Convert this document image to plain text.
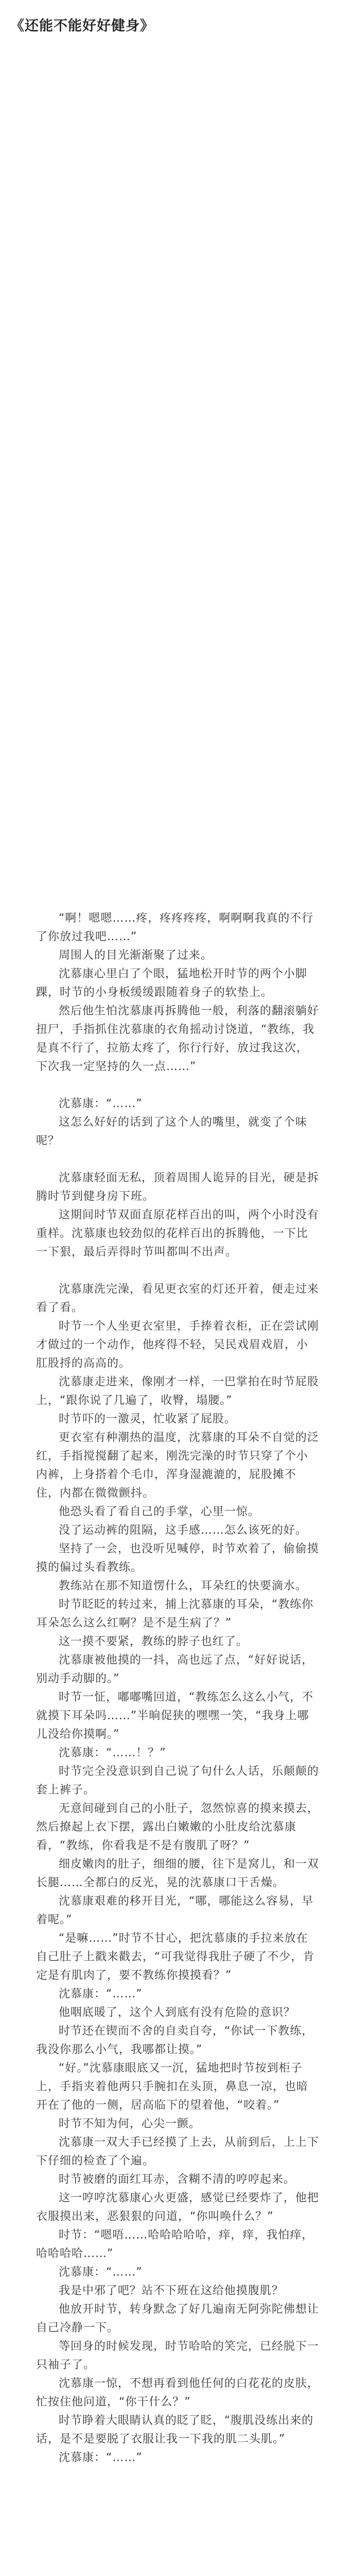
《还能不能好好健身》

“啊！嗯嗯……疼，疼疼疼疼，啊啊啊我真的不行了你放过我吧……”

周围人的目光渐渐聚了过来。

沈慕康心里白了个眼，猛地松开时节的两个小脚踝，时节的小身板缓缓跟随着身子的软垫上。

然后他生怕沈慕康再拆腾他一般，利落的翻滚躺好扭尸，手指抓住沈慕康的衣角摇动讨饶道，“教练，我是真不行了，拉筋太疼了，你行行好，放过我这次，下次我一定坚持的久一点……”

沈慕康：“……”

这怎么好好的话到了这个人的嘴里，就变了个味呢？

沈慕康轻面无私，顶着周围人诡异的目光，硬是拆腾时节到健身房下班。

这期间时节双面直原花样百出的叫，两个小时没有重样。沈慕康也较劲似的花样百出的拆腾他，一下比一下狠，最后弄得时节叫都叫不出声。

沈慕康洗完澡，看见更衣室的灯还开着，便走过来看了看。

时节一个人坐更衣室里，手捧着衣柜，正在尝试刚才做过的一个动作，他疼得不轻，吴民戏眉戏眉，小肛股捋的高高的。

沈慕康走进来，像刚才一样，一巴掌拍在时节屁股上，“跟你说了几遍了，收臀，塌腰。”

时节吓的一激灵，忙收紧了屁股。

更衣室有种潮热的温度，沈慕康的耳朵不自觉的泛红，手指搅搅翻了起来，刚洗完澡的时节只穿了个小内裤，上身搭着个毛巾，浑身湿漉漉的，屁股摊不住，内都在微微颤抖。

他恐头看了看自己的手掌，心里一惊。

没了运动裤的阻隔，这手感……怎么该死的好。

坚持了一会，也没听见喊停，时节欢着了，偷偷摸摸的偏过头看教练。

教练站在那不知道愣什么，耳朵红的快要滴水。

时节眨眨的转过来，捕上沈慕康的耳朵，“教练你耳朵怎么这么红啊？是不是生病了？”

这一摸不要紧，教练的脖子也红了。

沈慕康被他摸的一抖，高也远了点，“好好说话，别动手动脚的。”

时节一怔，嘟嘟嘴回道，“教练怎么这么小气，不就摸下耳朵吗……”半晌促狭的嘿嘿一笑，“我身上哪儿没给你摸啊。”

沈慕康：“……！？”

时节完全没意识到自己说了句什么人话，乐颠颠的套上裤子。

无意间碰到自己的小肚子，忽然惊喜的摸来摸去，然后撩起上衣下摆，露出白嫩嫩的小肚皮给沈慕康看，“教练，你看我是不是有腹肌了呀？”

细皮嫩肉的肚子，细细的腰，往下是窝儿，和一双长腿……全都白的反光，晃的沈慕康口干舌燥。

沈慕康艰难的移开目光，“哪，哪能这么容易，早着呢。”

“是嘛……”时节不甘心，把沈慕康的手拉来放在自己肚子上戳来戳去，“可我觉得我肚子硬了不少，肯定是有肌肉了，要不教练你摸摸看？”

沈慕康：“……”

他咽底暖了，这个人到底有没有危险的意识？

时节还在锲而不舍的自卖自夸，“你试一下教练，我没你那么小气，我哪都让摸。”

“好。”沈慕康眼底又一沉，猛地把时节按到柜子上，手指夹着他两只手腕扣在头顶，鼻息一凉，也暗开在了他的一侧，居高临下的望着他，“咬着。”

时节不知为何，心尖一颤。

沈慕康一双大手已经摸了上去，从前到后，上上下下仔细的检查了个遍。

时节被磨的面红耳赤，含糊不清的哼哼起来。

这一哼哼沈慕康心火更盛，感觉已经要炸了，他把衣服摸出来，恶狠狠的问道，“你叫唤什么？”

时节：“嗯唔……哈哈哈哈哈，痒，痒，我怕痒，哈哈哈哈……”

沈慕康：“……”

我是中邪了吧？站不下班在这给他摸腹肌？

他放开时节，转身默念了好几遍南无阿弥陀佛想让自己冷静一下。

等回身的时候发现，时节哈哈的笑完，已经脱下一只袖子了。

沈慕康一惊，不想再看到他任何的白花花的皮肤，忙按住他问道，“你干什么？”

时节睁着大眼睛认真的眨了眨，“腹肌没练出来的话，是不是要脱了衣服让我一下我的肌二头肌。”

沈慕康：“……”
